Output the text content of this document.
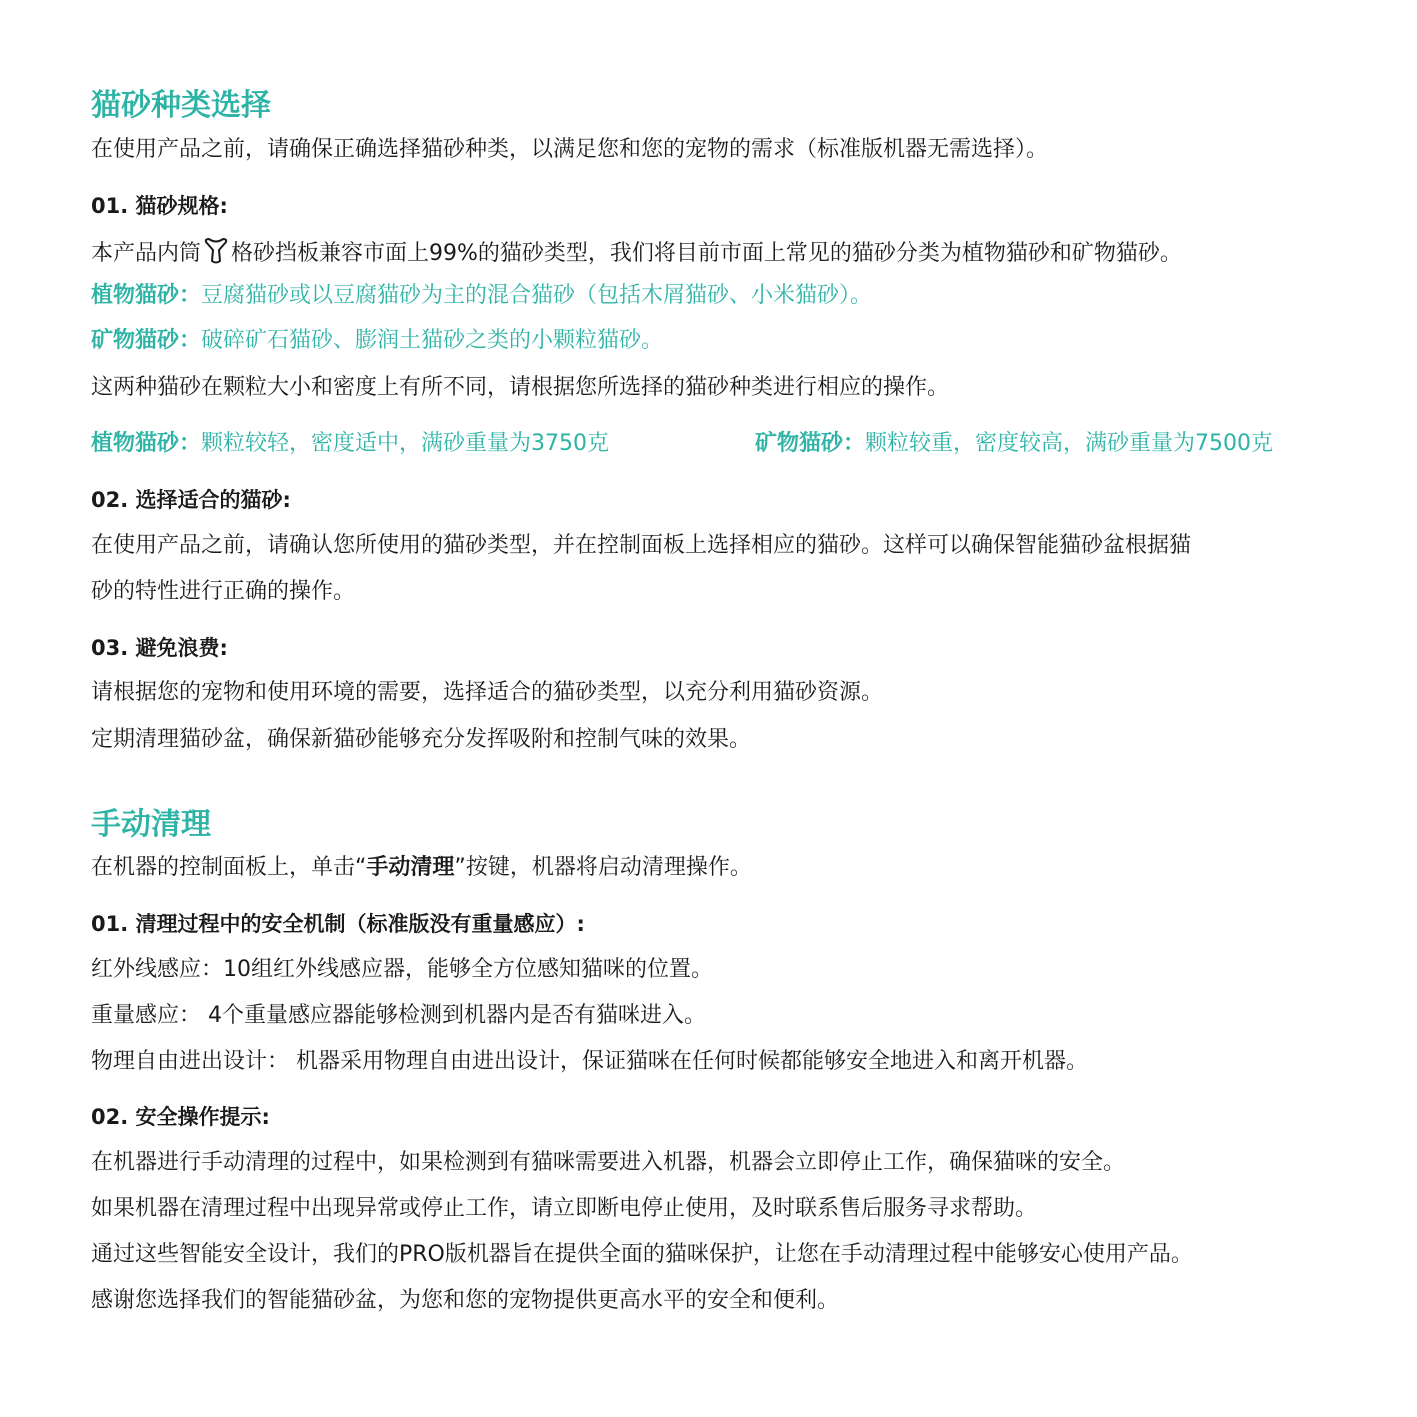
猫砂种类选择
在使用产品之前，请确保正确选择猫砂种类，以满足您和您的宠物的需求（标准版机器无需选择）。
01. 猫砂规格:
本产品内筒 格砂挡板兼容市面上99%的猫砂类型，我们将目前市面上常见的猫砂分类为植物猫砂和矿物猫砂。
植物猫砂：豆腐猫砂或以豆腐猫砂为主的混合猫砂（包括木屑猫砂、小米猫砂）。
矿物猫砂：破碎矿石猫砂、膨润土猫砂之类的小颗粒猫砂。
这两种猫砂在颗粒大小和密度上有所不同，请根据您所选择的猫砂种类进行相应的操作。
植物猫砂：颗粒较轻，密度适中，满砂重量为3750克	矿物猫砂：颗粒较重，密度较高，满砂重量为7500克
02. 选择适合的猫砂:
在使用产品之前，请确认您所使用的猫砂类型，并在控制面板上选择相应的猫砂。这样可以确保智能猫砂盆根据猫
砂的特性进行正确的操作。
03. 避免浪费:
请根据您的宠物和使用环境的需要，选择适合的猫砂类型，以充分利用猫砂资源。
定期清理猫砂盆，确保新猫砂能够充分发挥吸附和控制气味的效果。
手动清理
在机器的控制面板上，单击“手动清理”按键，机器将启动清理操作。
01. 清理过程中的安全机制（标准版没有重量感应）:
红外线感应：10组红外线感应器，能够全方位感知猫咪的位置。
重量感应： 4个重量感应器能够检测到机器内是否有猫咪进入。
物理自由进出设计： 机器采用物理自由进出设计，保证猫咪在任何时候都能够安全地进入和离开机器。
02. 安全操作提示:
在机器进行手动清理的过程中，如果检测到有猫咪需要进入机器，机器会立即停止工作，确保猫咪的安全。
如果机器在清理过程中出现异常或停止工作，请立即断电停止使用，及时联系售后服务寻求帮助。
通过这些智能安全设计，我们的PRO版机器旨在提供全面的猫咪保护，让您在手动清理过程中能够安心使用产品。
感谢您选择我们的智能猫砂盆，为您和您的宠物提供更高水平的安全和便利。
